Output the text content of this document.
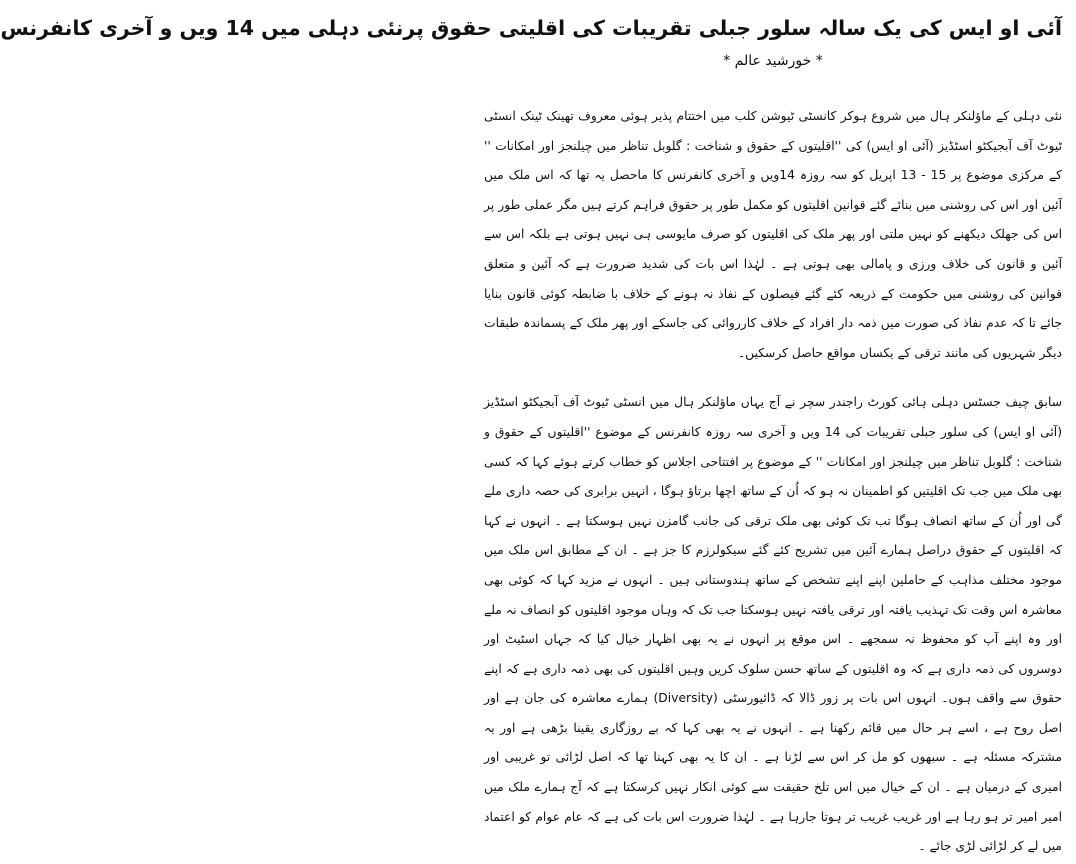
آئی او ایس کی یک سالہ سلور جبلی تقریبات کی اقلیتی حقوق پرنئی دہلی میں 14 ویں و آخری کانفرنس
* خورشید عالم *

نئی دہلی کے ماؤلنکر ہال میں شروع ہوکر کانسٹی ٹیوشن کلب میں اختتام پذیر ہوئی معروف تھینک ٹینک انسٹی ٹیوٹ آف آبجیکٹو اسٹڈیز (آئی او ایس) کی ''اقلیتوں کے حقوق و شناخت : گلوبل تناظر میں چیلنجز اور امکانات '' کے مرکزی موضوع پر 15 - 13 اپریل کو سہ روزہ 14ویں و آخری کانفرنس کا ماحصل یہ تھا کہ اس ملک میں آئین اور اس کی روشنی میں بنائے گئے قوانین اقلیتوں کو مکمل طور پر حقوق فراہم کرتے ہیں مگر عملی طور پر اس کی جھلک دیکھنے کو نہیں ملتی اور پھر ملک کی اقلیتوں کو صرف مایوسی ہی نہیں ہوتی ہے بلکہ اس سے آئین و قانون کی خلاف ورزی و پامالی بھی ہوتی ہے ۔ لہٰذا اس بات کی شدید ضرورت ہے کہ آئین و متعلق قوانین کی روشنی میں حکومت کے ذریعہ کئے گئے فیصلوں کے نفاذ نہ ہونے کے خلاف با ضابطہ کوئی قانون بنایا جائے تا کہ عدم نفاذ کی صورت میں ذمہ دار افراد کے خلاف کارروائی کی جاسکے اور پھر ملک کے پسماندہ طبقات دیگر شہریوں کی مانند ترقی کے یکساں مواقع حاصل کرسکیں۔

سابق چیف جسٹس دہلی ہائی کورٹ راجندر سچر نے آج یہاں ماؤلنکر ہال میں انسٹی ٹیوٹ آف آبجیکٹو اسٹڈیز (آئی او ایس) کی سلور جبلی تقریبات کی 14 ویں و آخری سہ روزہ کانفرنس کے موضوع ''اقلیتوں کے حقوق و شناخت : گلوبل تناظر میں چیلنجز اور امکانات '' کے موضوع پر افتتاحی اجلاس کو خطاب کرتے ہوئے کہا کہ کسی بھی ملک میں جب تک اقلیتیں کو اطمینان نہ ہو کہ اُن کے ساتھ اچھا برتاؤ ہوگا ، انہیں برابری کی حصہ داری ملے گی اور اُن کے ساتھ انصاف ہوگا تب تک کوئی بھی ملک ترقی کی جانب گامزن نہیں ہوسکتا ہے ۔ انہوں نے کہا کہ اقلیتوں کے حقوق دراصل ہمارے آئین میں تشریح کئے گئے سیکولرزم کا جز ہے ۔ ان کے مطابق اس ملک میں موجود مختلف مذاہب کے حاملین اپنے اپنے تشخص کے ساتھ ہندوستانی ہیں ۔ انہوں نے مزید کہا کہ کوئی بھی معاشرہ اس وقت تک تہذیب یافتہ اور ترقی یافتہ نہیں ہوسکتا جب تک کہ وہاں موجود اقلیتوں کو انصاف نہ ملے اور وہ اپنے آپ کو محفوظ نہ سمجھے ۔ اس موقع پر انہوں نے یہ بھی اظہار خیال کیا کہ جہاں اسٹیٹ اور دوسروں کی ذمہ داری ہے کہ وہ اقلیتوں کے ساتھ حسن سلوک کریں وہیں اقلیتوں کی بھی ذمہ داری ہے کہ اپنے حقوق سے واقف ہوں۔ انہوں اس بات پر زور ڈالا کہ ڈائیورسٹی (Diversity) ہمارے معاشرہ کی جان ہے اور اصل روح ہے ، اسے ہر حال میں قائم رکھنا ہے ۔ انہوں نے یہ بھی کہا کہ بے روزگاری یقینا بڑھی ہے اور یہ مشترکہ مسئلہ ہے ۔ سبھوں کو مل کر اس سے لڑنا ہے ۔ ان کا یہ بھی کہنا تھا کہ اصل لڑائی تو غریبی اور امیری کے درمیان ہے ۔ ان کے خیال میں اس تلخ حقیقت سے کوئی انکار نہیں کرسکتا ہے کہ آج ہمارے ملک میں امیر امیر تر ہو رہا ہے اور غریب غریب تر ہوتا جارہا ہے ۔ لہٰذا ضرورت اس بات کی ہے کہ عام عوام کو اعتماد میں لے کر لڑائی لڑی جائے ۔
